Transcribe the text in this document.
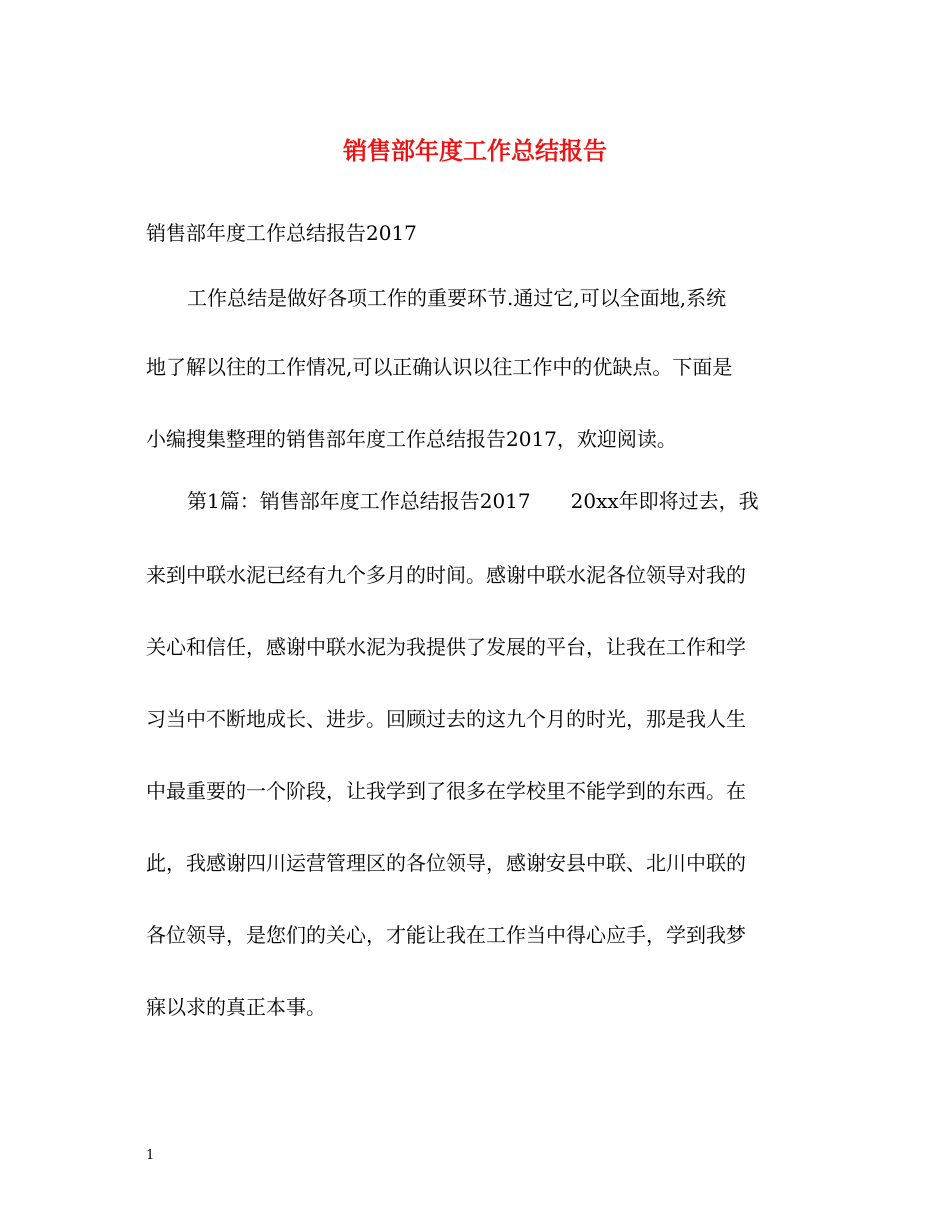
销售部年度工作总结报告
销售部年度工作总结报告2017
工作总结是做好各项工作的重要环节.通过它,可以全面地,系统
地了解以往的工作情况,可以正确认识以往工作中的优缺点。下面是
小编搜集整理的销售部年度工作总结报告2017，欢迎阅读。
第1篇：销售部年度工作总结报告2017　　20xx年即将过去，我
来到中联水泥已经有九个多月的时间。感谢中联水泥各位领导对我的
关心和信任，感谢中联水泥为我提供了发展的平台，让我在工作和学
习当中不断地成长、进步。回顾过去的这九个月的时光，那是我人生
中最重要的一个阶段，让我学到了很多在学校里不能学到的东西。在
此，我感谢四川运营管理区的各位领导，感谢安县中联、北川中联的
各位领导，是您们的关心，才能让我在工作当中得心应手，学到我梦
寐以求的真正本事。
1
